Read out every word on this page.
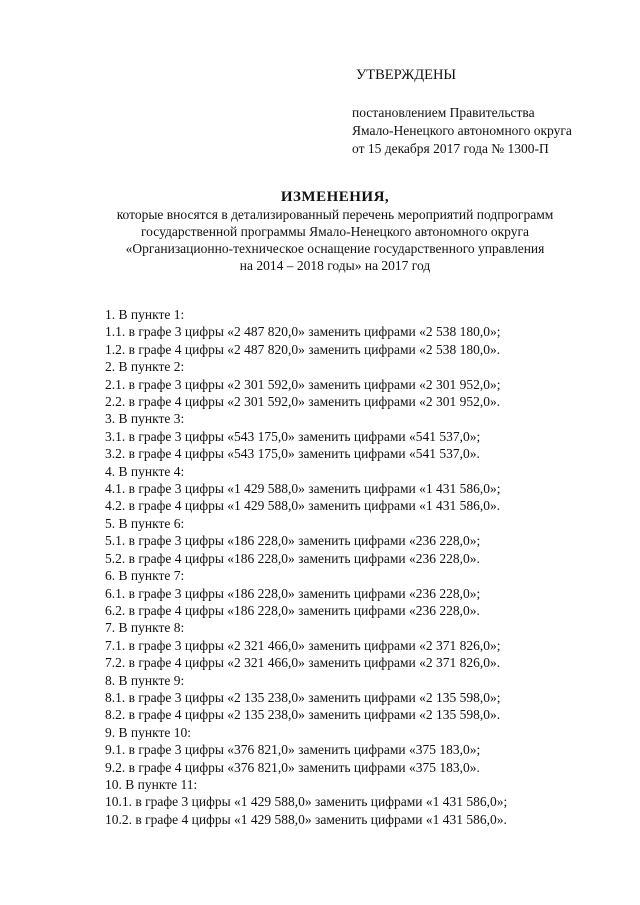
УТВЕРЖДЕНЫ
постановлением Правительства
Ямало-Ненецкого автономного округа
от 15 декабря 2017 года № 1300-П
ИЗМЕНЕНИЯ,
которые вносятся в детализированный перечень мероприятий подпрограмм
государственной программы Ямало-Ненецкого автономного округа
«Организационно-техническое оснащение государственного управления
на 2014 – 2018 годы» на 2017 год
1. В пункте 1:
1.1. в графе 3 цифры «2 487 820,0» заменить цифрами «2 538 180,0»;
1.2. в графе 4 цифры «2 487 820,0» заменить цифрами «2 538 180,0».
2. В пункте 2:
2.1. в графе 3 цифры «2 301 592,0» заменить цифрами «2 301 952,0»;
2.2. в графе 4 цифры «2 301 592,0» заменить цифрами «2 301 952,0».
3. В пункте 3:
3.1. в графе 3 цифры «543 175,0» заменить цифрами «541 537,0»;
3.2. в графе 4 цифры «543 175,0» заменить цифрами «541 537,0».
4. В пункте 4:
4.1. в графе 3 цифры «1 429 588,0» заменить цифрами «1 431 586,0»;
4.2. в графе 4 цифры «1 429 588,0» заменить цифрами «1 431 586,0».
5. В пункте 6:
5.1. в графе 3 цифры «186 228,0» заменить цифрами «236 228,0»;
5.2. в графе 4 цифры «186 228,0» заменить цифрами «236 228,0».
6. В пункте 7:
6.1. в графе 3 цифры «186 228,0» заменить цифрами «236 228,0»;
6.2. в графе 4 цифры «186 228,0» заменить цифрами «236 228,0».
7. В пункте 8:
7.1. в графе 3 цифры «2 321 466,0» заменить цифрами «2 371 826,0»;
7.2. в графе 4 цифры «2 321 466,0» заменить цифрами «2 371 826,0».
8. В пункте 9:
8.1. в графе 3 цифры «2 135 238,0» заменить цифрами «2 135 598,0»;
8.2. в графе 4 цифры «2 135 238,0» заменить цифрами «2 135 598,0».
9. В пункте 10:
9.1. в графе 3 цифры «376 821,0» заменить цифрами «375 183,0»;
9.2. в графе 4 цифры «376 821,0» заменить цифрами «375 183,0».
10. В пункте 11:
10.1. в графе 3 цифры «1 429 588,0» заменить цифрами «1 431 586,0»;
10.2. в графе 4 цифры «1 429 588,0» заменить цифрами «1 431 586,0».
